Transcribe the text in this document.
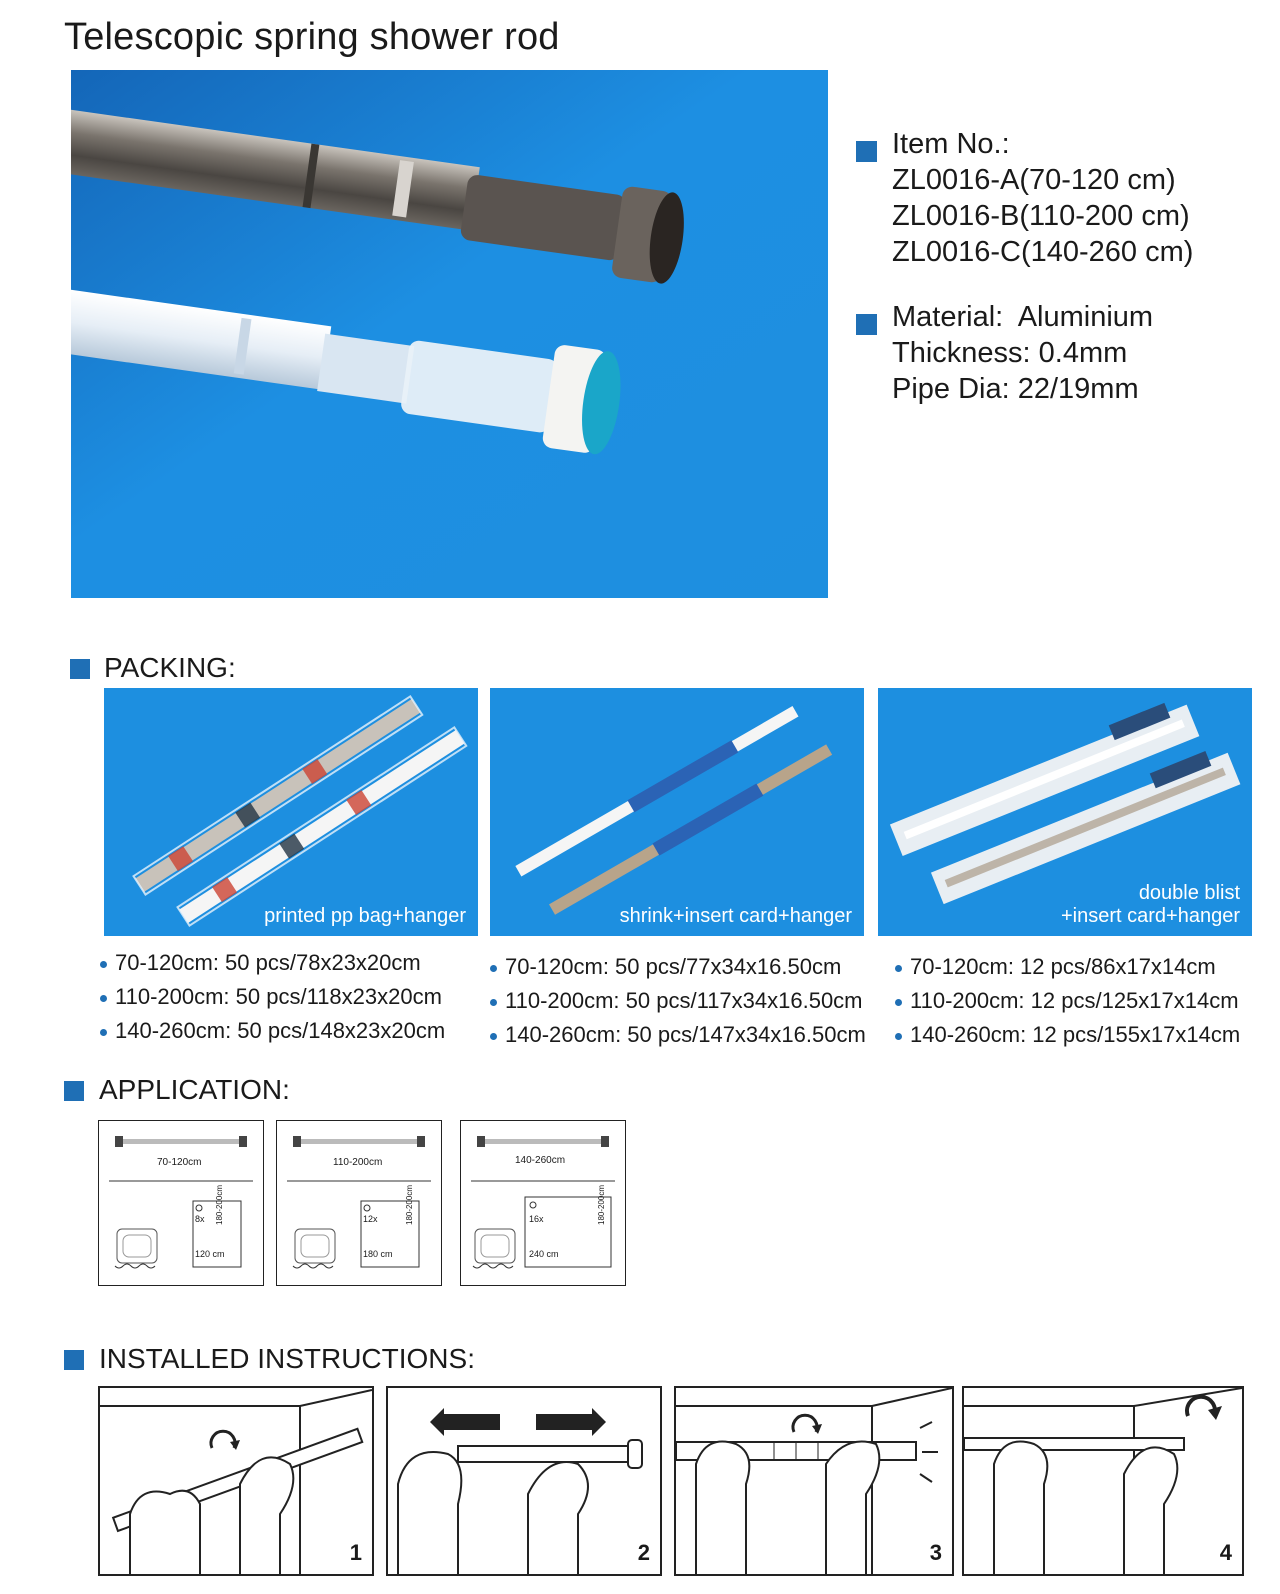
Telescopic spring shower rod
Item No.:
ZL0016-A(70-120 cm)
ZL0016-B(110-200 cm)
ZL0016-C(140-260 cm)
Material:  Aluminium
Thickness: 0.4mm
Pipe Dia: 22/19mm
PACKING:
printed pp bag+hanger	shrink+insert card+hanger
double blist
+insert card+hanger
70-120cm: 50 pcs/78x23x20cm
110-200cm: 50 pcs/118x23x20cm
140-260cm: 50 pcs/148x23x20cm
70-120cm: 50 pcs/77x34x16.50cm
110-200cm: 50 pcs/117x34x16.50cm
140-260cm: 50 pcs/147x34x16.50cm
70-120cm: 12 pcs/86x17x14cm
110-200cm: 12 pcs/125x17x14cm
140-260cm: 12 pcs/155x17x14cm
APPLICATION:
70-120cm
8x
120 cm
180-200cm
110-200cm
12x
180 cm
180-200cm
140-260cm
16x
240 cm
180-200cm
INSTALLED INSTRUCTIONS:
1	2	3	4
